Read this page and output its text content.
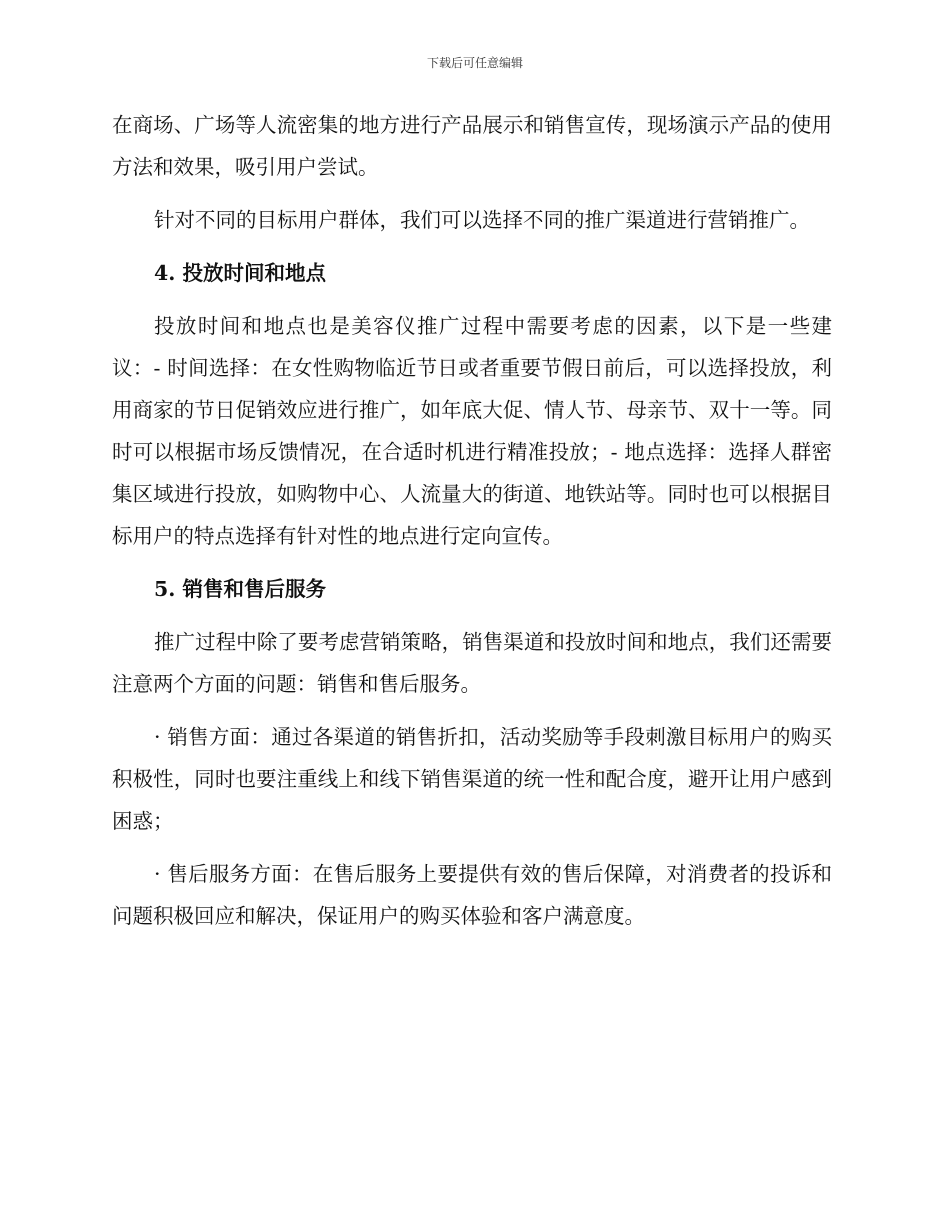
下载后可任意编辑

在商场、广场等人流密集的地方进行产品展示和销售宣传，现场演示产品的使用方法和效果，吸引用户尝试。

针对不同的目标用户群体，我们可以选择不同的推广渠道进行营销推广。

4. 投放时间和地点

投放时间和地点也是美容仪推广过程中需要考虑的因素，以下是一些建议：- 时间选择：在女性购物临近节日或者重要节假日前后，可以选择投放，利用商家的节日促销效应进行推广，如年底大促、情人节、母亲节、双十一等。同时可以根据市场反馈情况，在合适时机进行精准投放；- 地点选择：选择人群密集区域进行投放，如购物中心、人流量大的街道、地铁站等。同时也可以根据目标用户的特点选择有针对性的地点进行定向宣传。

5. 销售和售后服务

推广过程中除了要考虑营销策略，销售渠道和投放时间和地点，我们还需要注意两个方面的问题：销售和售后服务。

· 销售方面：通过各渠道的销售折扣，活动奖励等手段刺激目标用户的购买积极性，同时也要注重线上和线下销售渠道的统一性和配合度，避开让用户感到困惑；

· 售后服务方面：在售后服务上要提供有效的售后保障，对消费者的投诉和问题积极回应和解决，保证用户的购买体验和客户满意度。
